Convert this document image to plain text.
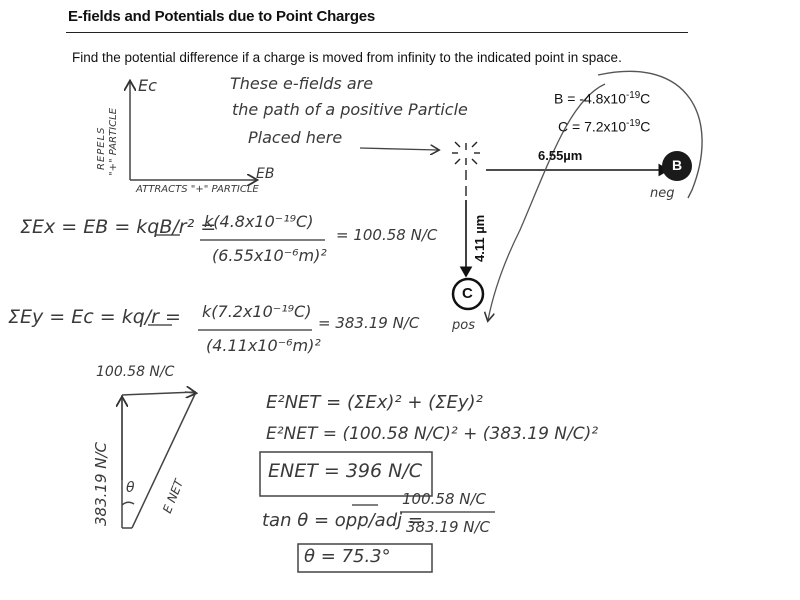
E-fields and Potentials due to Point Charges
Find the potential difference if a charge is moved from infinity to the indicated point in space.
Ec
REPELS "+" PARTICLE
ATTRACTS "+" PARTICLE
EB
These e-fields are
the path of a positive Particle
Placed here
$B = -4.8x10^{-19}C$
$C = 7.2x10^{-19}C$
6.55µm
4.11 µm
B
C
neg
pos
ΣEx = EB = kqB/r² =
k(4.8x10⁻¹⁹C)
(6.55x10⁻⁶m)²
= 100.58 N/C
ΣEy = Ec = kq/r = k(7.2x10⁻¹⁹C)
(4.11x10⁻⁶m)²
= 383.19 N/C
100.58 N/C
383.19 N/C θ E NET
E²NET = (ΣEx)² + (ΣEy)²
E²NET = (100.58 N/C)² + (383.19 N/C)²
ENET = 396 N/C
tan θ = opp/adj =
100.58 N/C
383.19 N/C
θ = 75.3°
